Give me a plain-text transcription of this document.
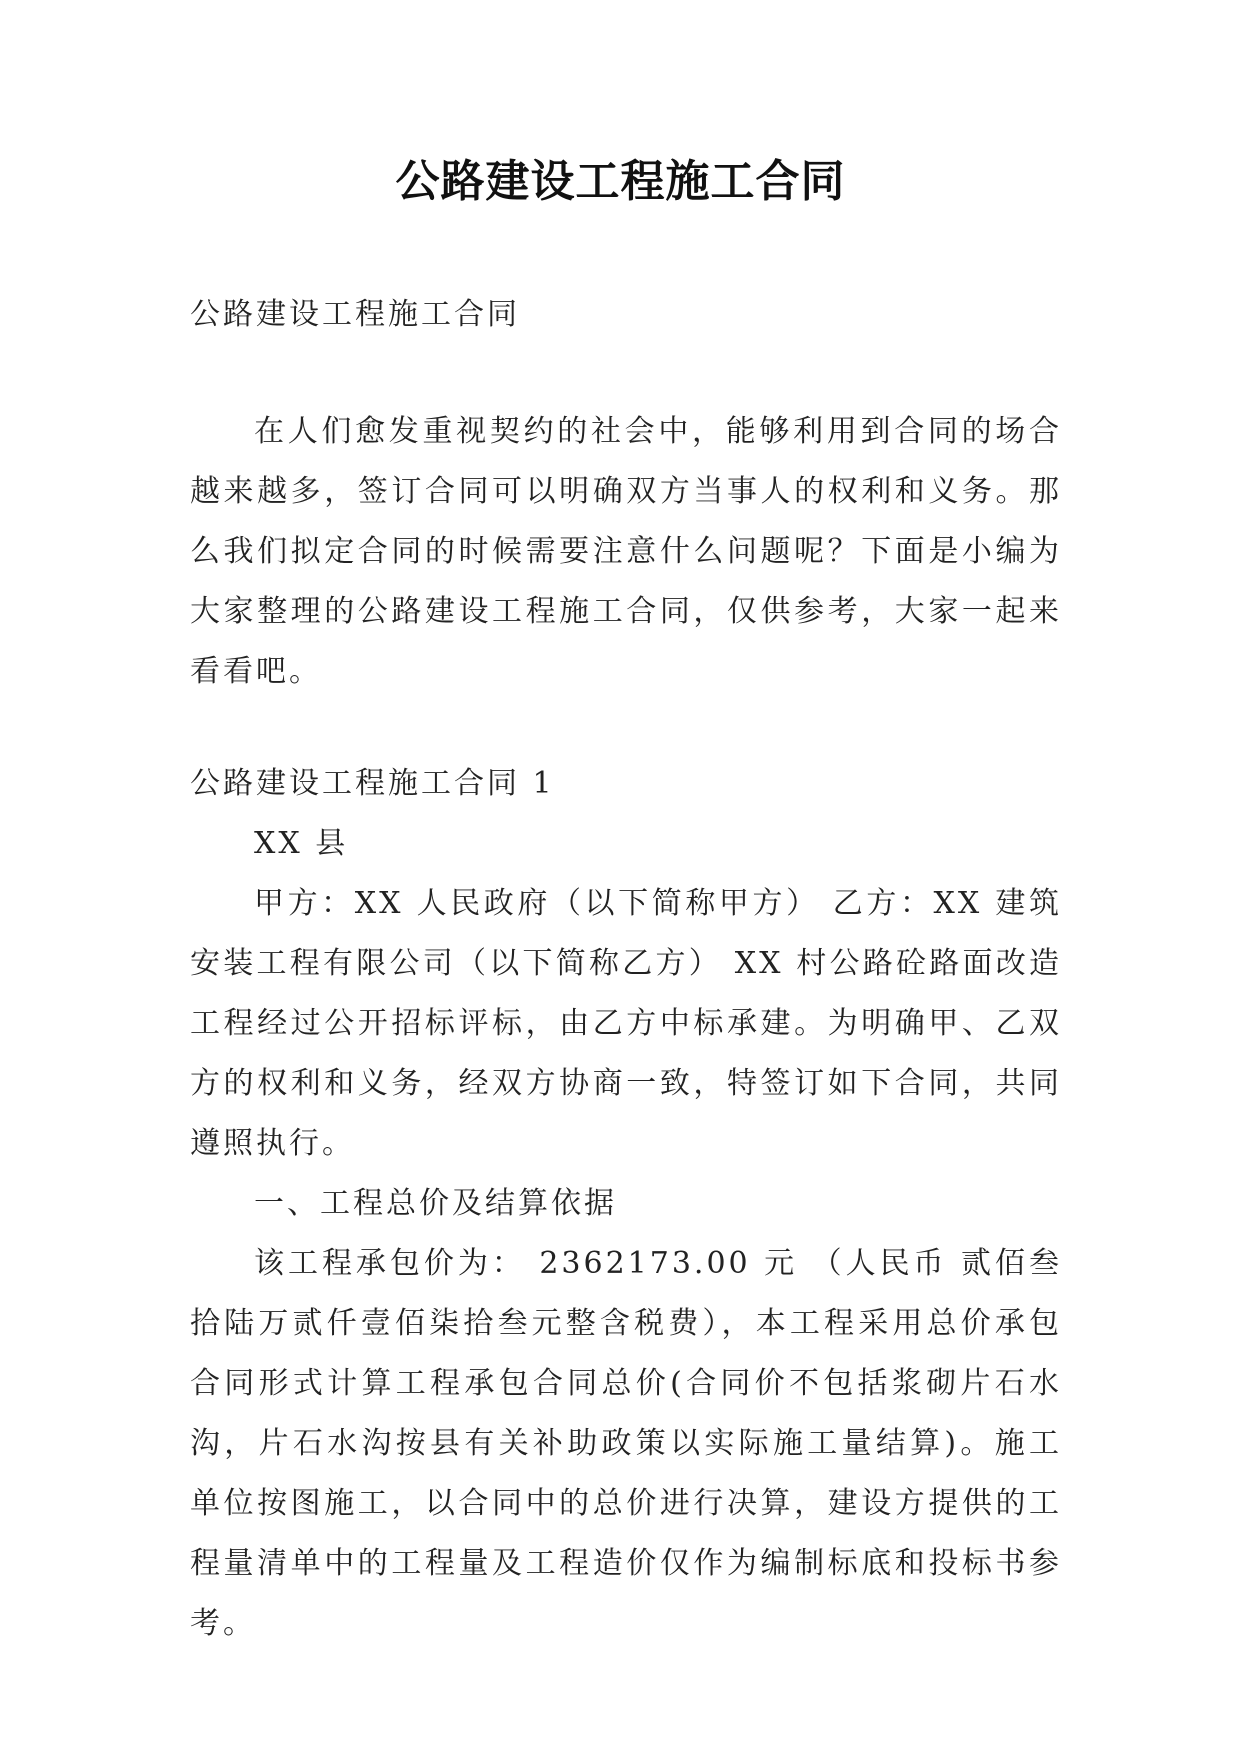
公路建设工程施工合同

公路建设工程施工合同

在人们愈发重视契约的社会中，能够利用到合同的场合越来越多，签订合同可以明确双方当事人的权利和义务。那么我们拟定合同的时候需要注意什么问题呢？下面是小编为大家整理的公路建设工程施工合同，仅供参考，大家一起来看看吧。

公路建设工程施工合同 1

XX 县

甲方：XX 人民政府（以下简称甲方） 乙方：XX 建筑安装工程有限公司（以下简称乙方） XX 村公路砼路面改造工程经过公开招标评标，由乙方中标承建。为明确甲、乙双方的权利和义务，经双方协商一致，特签订如下合同，共同遵照执行。

一、工程总价及结算依据

该工程承包价为： 2362173.00 元 （人民币 贰佰叁拾陆万贰仟壹佰柒拾叁元整含税费），本工程采用总价承包合同形式计算工程承包合同总价(合同价不包括浆砌片石水沟，片石水沟按县有关补助政策以实际施工量结算)。施工单位按图施工，以合同中的总价进行决算，建设方提供的工程量清单中的工程量及工程造价仅作为编制标底和投标书参考。
